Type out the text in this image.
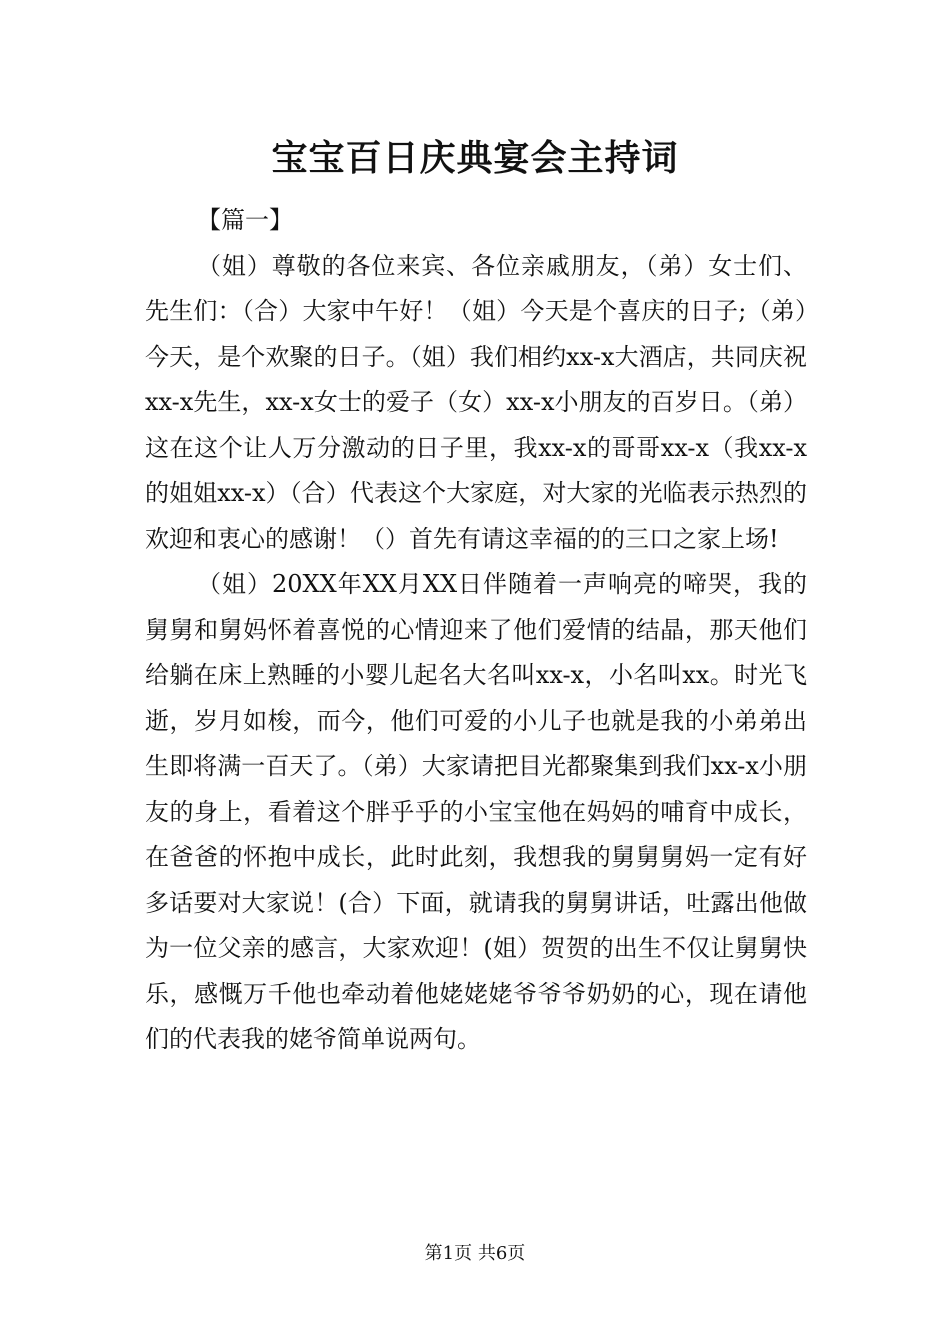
宝宝百日庆典宴会主持词

【篇一】

（姐）尊敬的各位来宾、各位亲戚朋友，（弟）女士们、先生们：（合）大家中午好！（姐）今天是个喜庆的日子;（弟）今天，是个欢聚的日子。（姐）我们相约xx-x大酒店，共同庆祝xx-x先生，xx-x女士的爱子（女）xx-x小朋友的百岁日。（弟）这在这个让人万分激动的日子里，我xx-x的哥哥xx-x（我xx-x的姐姐xx-x）（合）代表这个大家庭，对大家的光临表示热烈的欢迎和衷心的感谢！（）首先有请这幸福的的三口之家上场!

（姐）20XX年XX月XX日伴随着一声响亮的啼哭，我的舅舅和舅妈怀着喜悦的心情迎来了他们爱情的结晶，那天他们给躺在床上熟睡的小婴儿起名大名叫xx-x，小名叫xx。时光飞逝，岁月如梭，而今，他们可爱的小儿子也就是我的小弟弟出生即将满一百天了。（弟）大家请把目光都聚集到我们xx-x小朋友的身上，看着这个胖乎乎的小宝宝他在妈妈的哺育中成长，在爸爸的怀抱中成长，此时此刻，我想我的舅舅舅妈一定有好多话要对大家说！(合）下面，就请我的舅舅讲话，吐露出他做为一位父亲的感言，大家欢迎！(姐）贺贺的出生不仅让舅舅快乐，感慨万千他也牵动着他姥姥姥爷爷爷奶奶的心，现在请他们的代表我的姥爷简单说两句。

第1页 共6页
